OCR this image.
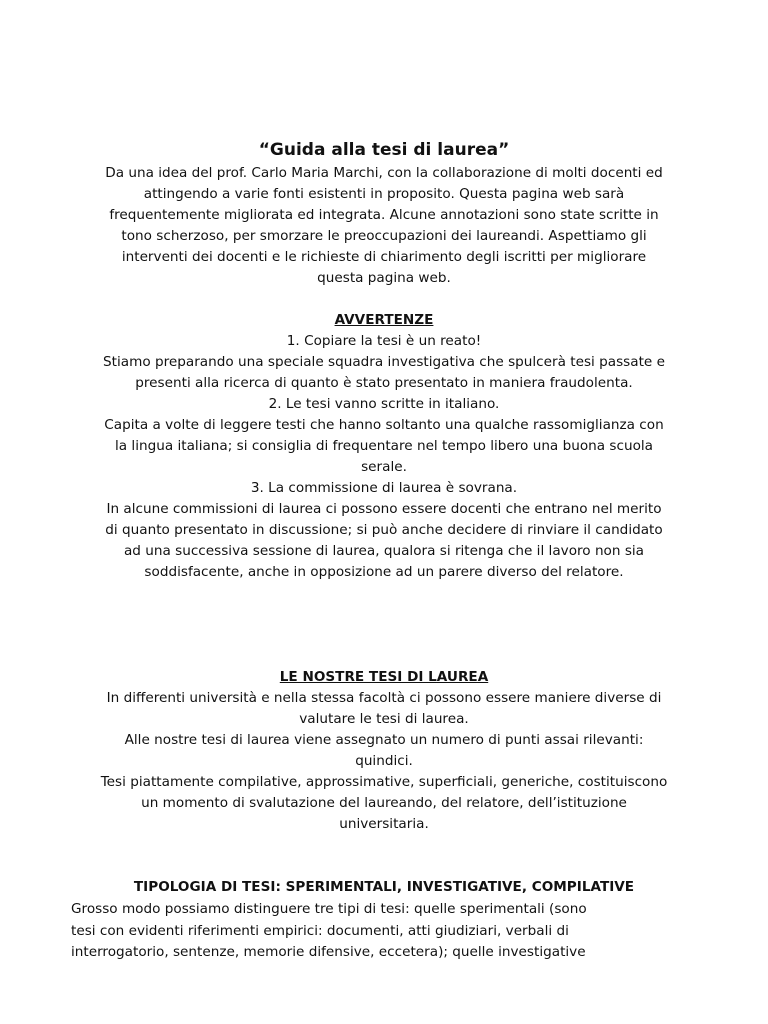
“Guida alla tesi di laurea”

Da una idea del prof. Carlo Maria Marchi, con la collaborazione di molti docenti ed attingendo a varie fonti esistenti in proposito. Questa pagina web sarà frequentemente migliorata ed integrata. Alcune annotazioni sono state scritte in tono scherzoso, per smorzare le preoccupazioni dei laureandi. Aspettiamo gli interventi dei docenti e le richieste di chiarimento degli iscritti per migliorare questa pagina web.

AVVERTENZE

1. Copiare la tesi è un reato!

Stiamo preparando una speciale squadra investigativa che spulcerà tesi passate e presenti alla ricerca di quanto è stato presentato in maniera fraudolenta.

2. Le tesi vanno scritte in italiano.

Capita a volte di leggere testi che hanno soltanto una qualche rassomiglianza con la lingua italiana; si consiglia di frequentare nel tempo libero una buona scuola serale.

3. La commissione di laurea è sovrana.

In alcune commissioni di laurea ci possono essere docenti che entrano nel merito di quanto presentato in discussione; si può anche decidere di rinviare il candidato ad una successiva sessione di laurea, qualora si ritenga che il lavoro non sia soddisfacente, anche in opposizione ad un parere diverso del relatore.

LE NOSTRE TESI DI LAUREA

In differenti università e nella stessa facoltà ci possono essere maniere diverse di valutare le tesi di laurea.

Alle nostre tesi di laurea viene assegnato un numero di punti assai rilevanti: quindici.

Tesi piattamente compilative, approssimative, superficiali, generiche, costituiscono un momento di svalutazione del laureando, del relatore, dell’istituzione universitaria.

TIPOLOGIA DI TESI: SPERIMENTALI, INVESTIGATIVE, COMPILATIVE

Grosso modo possiamo distinguere tre tipi di tesi: quelle sperimentali (sono
tesi con evidenti riferimenti empirici: documenti, atti giudiziari, verbali di
interrogatorio, sentenze, memorie difensive, eccetera); quelle investigative
